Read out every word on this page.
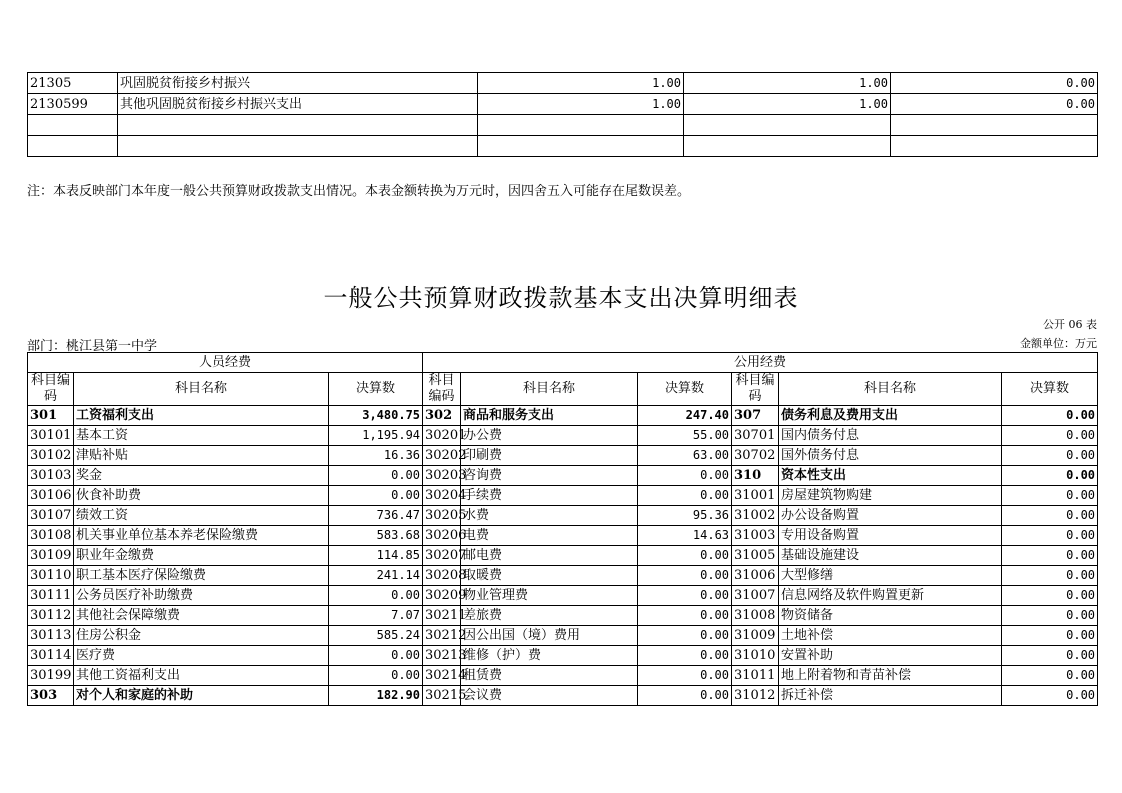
21305	巩固脱贫衔接乡村振兴	1.00	1.00	0.00
2130599	其他巩固脱贫衔接乡村振兴支出	1.00	1.00	0.00

注：本表反映部门本年度一般公共预算财政拨款支出情况。本表金额转换为万元时，因四舍五入可能存在尾数误差。
一般公共预算财政拨款基本支出决算明细表
公开 06 表
部门：桃江县第一中学	金额单位：万元
人员经费			公用经费					
科目编码	科目名称	决算数	科目编码	科目名称	决算数	科目编码	科目名称	决算数
301	工资福利支出	3,480.75	302	商品和服务支出	247.40	307	债务利息及费用支出	0.00
30101	基本工资	1,195.94	30201	办公费	55.00	30701	国内债务付息	0.00
30102	津贴补贴	16.36	30202	印刷费	63.00	30702	国外债务付息	0.00
30103	奖金	0.00	30203	咨询费	0.00	310	资本性支出	0.00
30106	伙食补助费	0.00	30204	手续费	0.00	31001	房屋建筑物购建	0.00
30107	绩效工资	736.47	30205	水费	95.36	31002	办公设备购置	0.00
30108	机关事业单位基本养老保险缴费	583.68	30206	电费	14.63	31003	专用设备购置	0.00
30109	职业年金缴费	114.85	30207	邮电费	0.00	31005	基础设施建设	0.00
30110	职工基本医疗保险缴费	241.14	30208	取暖费	0.00	31006	大型修缮	0.00
30111	公务员医疗补助缴费	0.00	30209	物业管理费	0.00	31007	信息网络及软件购置更新	0.00
30112	其他社会保障缴费	7.07	30211	差旅费	0.00	31008	物资储备	0.00
30113	住房公积金	585.24	30212	因公出国（境）费用	0.00	31009	土地补偿	0.00
30114	医疗费	0.00	30213	维修（护）费	0.00	31010	安置补助	0.00
30199	其他工资福利支出	0.00	30214	租赁费	0.00	31011	地上附着物和青苗补偿	0.00
303	对个人和家庭的补助	182.90	30215	会议费	0.00	31012	拆迁补偿	0.00
